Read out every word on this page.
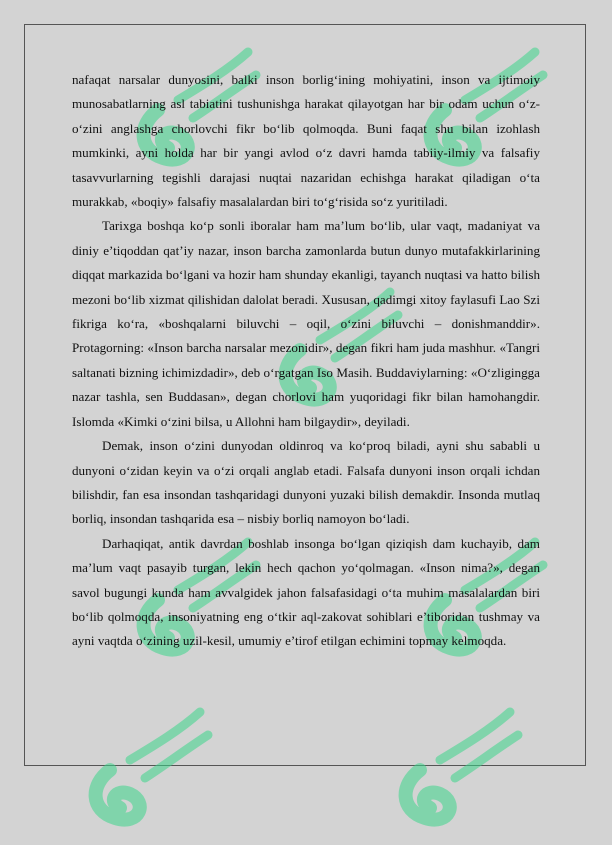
nafaqat narsalar dunyosini, balki inson borlig‘ining mohiyatini, inson va ijtimoiy munosabatlarning asl tabiatini tushunishga harakat qilayotgan har bir odam uchun o‘z-o‘zini anglashga chorlovchi fikr bo‘lib qolmoqda. Buni faqat shu bilan izohlash mumkinki, ayni holda har bir yangi avlod o‘z davri hamda tabiiy-ilmiy va falsafiy tasavvurlarning tegishli darajasi nuqtai nazaridan echishga harakat qiladigan o‘ta murakkab, «boqiy» falsafiy masalalardan biri to‘g‘risida so‘z yuritiladi.

Tarixga boshqa ko‘p sonli iboralar ham ma’lum bo‘lib, ular vaqt, madaniyat va diniy e’tiqoddan qat’iy nazar, inson barcha zamonlarda butun dunyo mutafakkirlarining diqqat markazida bo‘lgani va hozir ham shunday ekanligi, tayanch nuqtasi va hatto bilish mezoni bo‘lib xizmat qilishidan dalolat beradi. Xususan, qadimgi xitoy faylasufi Lao Szi fikriga ko‘ra, «boshqalarni biluvchi – oqil, o‘zini biluvchi – donishmanddir». Protagorning: «Inson barcha narsalar mezonidir», degan fikri ham juda mashhur. «Tangri saltanati bizning ichimizdadir», deb o‘rgatgan Iso Masih. Buddaviylarning: «O‘zligingga nazar tashla, sen Buddasan», degan chorlovi ham yuqoridagi fikr bilan hamohangdir. Islomda «Kimki o‘zini bilsa, u Allohni ham bilgaydir», deyiladi.

Demak, inson o‘zini dunyodan oldinroq va ko‘proq biladi, ayni shu sababli u dunyoni o‘zidan keyin va o‘zi orqali anglab etadi. Falsafa dunyoni inson orqali ichdan bilishdir, fan esa insondan tashqaridagi dunyoni yuzaki bilish demakdir. Insonda mutlaq borliq, insondan tashqarida esa – nisbiy borliq namoyon bo‘ladi.

Darhaqiqat, antik davrdan boshlab insonga bo‘lgan qiziqish dam kuchayib, dam ma’lum vaqt pasayib turgan, lekin hech qachon yo‘qolmagan. «Inson nima?», degan savol bugungi kunda ham avvalgidek jahon falsafasidagi o‘ta muhim masalalardan biri bo‘lib qolmoqda, insoniyatning eng o‘tkir aql-zakovat sohiblari e’tiboridan tushmay va ayni vaqtda o‘zining uzil-kesil, umumiy e’tirof etilgan echimini topmay kelmoqda.
